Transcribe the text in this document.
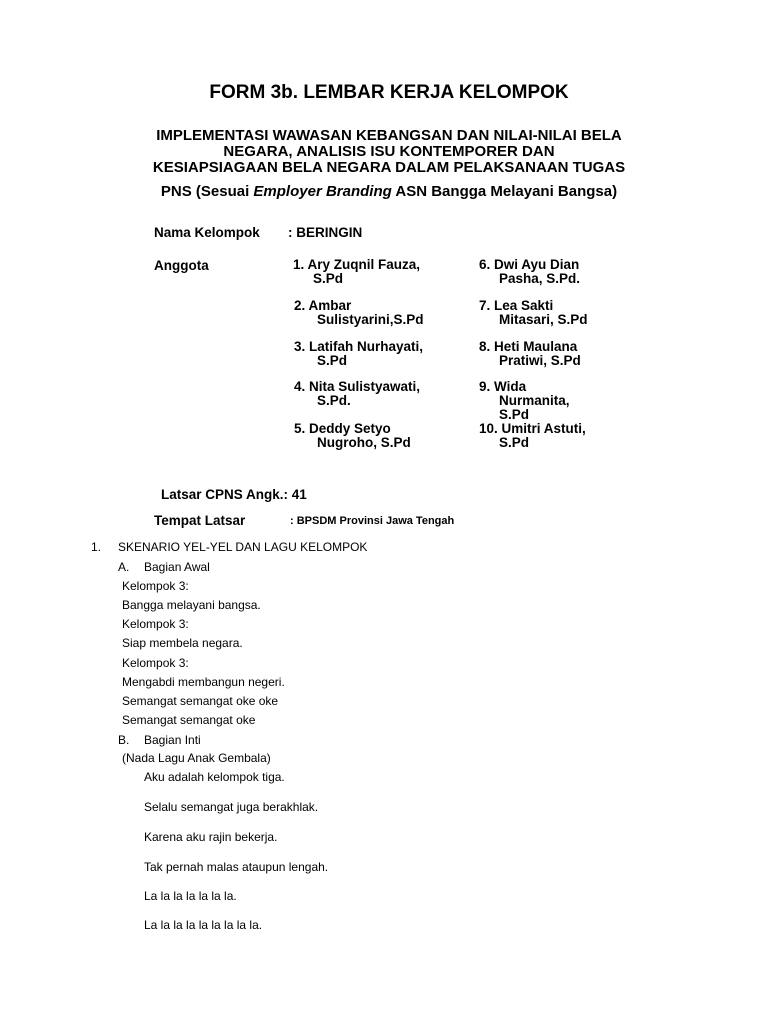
FORM 3b. LEMBAR KERJA KELOMPOK
IMPLEMENTASI WAWASAN KEBANGSAN DAN NILAI-NILAI BELA
NEGARA, ANALISIS ISU KONTEMPORER DAN
KESIAPSIAGAAN BELA NEGARA DALAM PELAKSANAAN TUGAS
PNS (Sesuai Employer Branding ASN Bangga Melayani Bangsa)
Nama Kelompok : BERINGIN
Anggota	1. Ary Zuqnil Fauza,
S.Pd
2. Ambar
Sulistyarini,S.Pd
3. Latifah Nurhayati,
S.Pd
4. Nita Sulistyawati,
S.Pd.
5. Deddy Setyo
Nugroho, S.Pd
6. Dwi Ayu Dian
Pasha, S.Pd.
7. Lea Sakti
Mitasari, S.Pd
8. Heti Maulana
Pratiwi, S.Pd
9. Wida
Nurmanita,
S.Pd
10. Umitri Astuti,
S.Pd
Latsar CPNS Angk.: 41
Tempat Latsar	: BPSDM Provinsi Jawa Tengah
1. SKENARIO YEL-YEL DAN LAGU KELOMPOK
A. Bagian Awal
Kelompok 3:
Bangga melayani bangsa.
Kelompok 3:
Siap membela negara.
Kelompok 3:
Mengabdi membangun negeri.
Semangat semangat oke oke
Semangat semangat oke
B. Bagian Inti
(Nada Lagu Anak Gembala)
Aku adalah kelompok tiga.
Selalu semangat juga berakhlak.
Karena aku rajin bekerja.
Tak pernah malas ataupun lengah.
La la la la la la la.
La la la la la la la la la.
